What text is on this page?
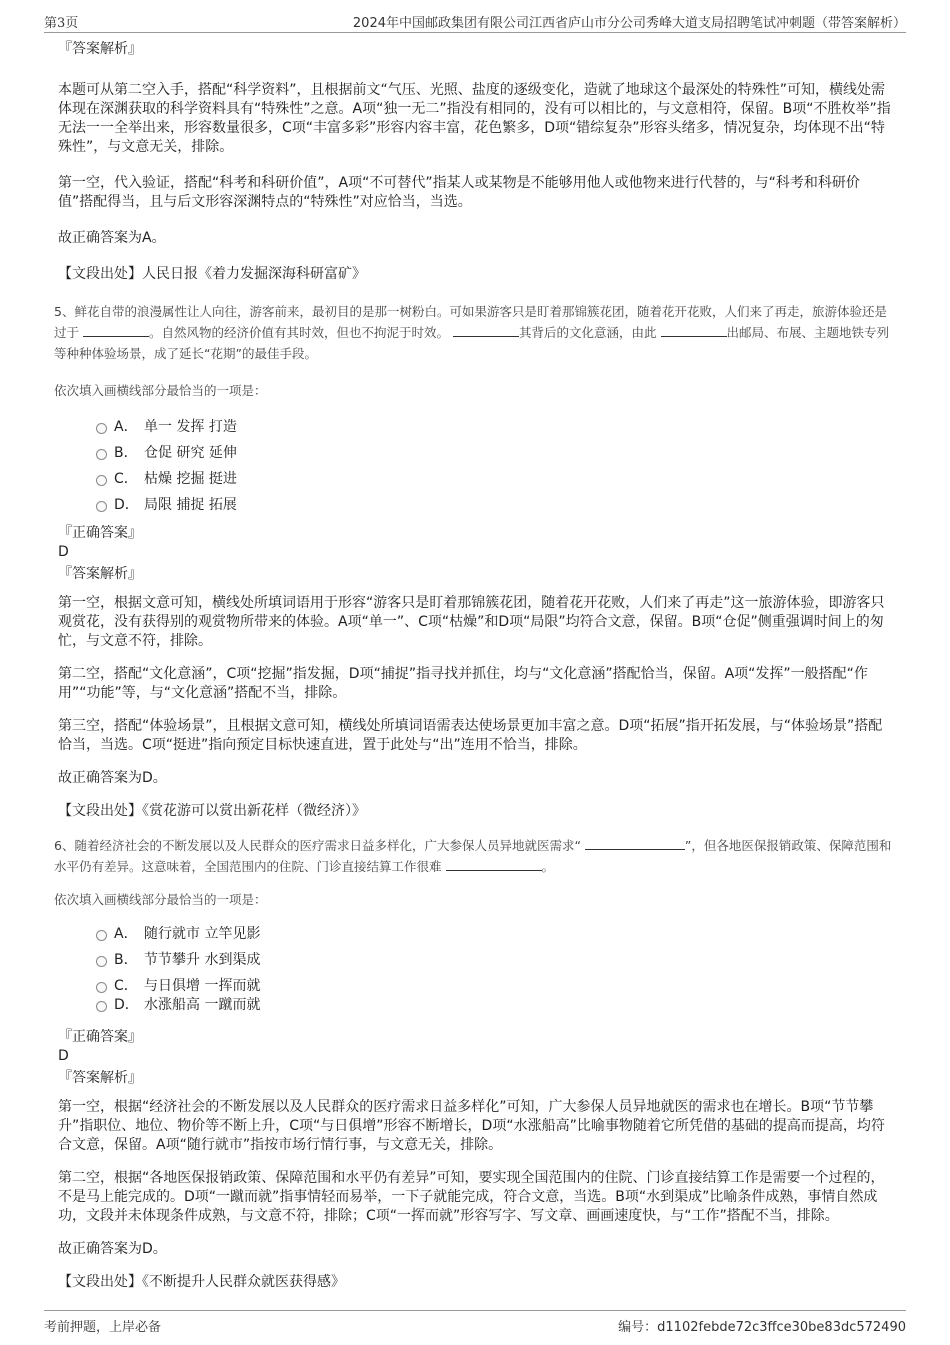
第3页	2024年中国邮政集团有限公司江西省庐山市分公司秀峰大道支局招聘笔试冲刺题（带答案解析）

『答案解析』

本题可从第二空入手，搭配“科学资料”，且根据前文“气压、光照、盐度的逐级变化，造就了地球这个最深处的特殊性”可知，横线处需体现在深渊获取的科学资料具有“特殊性”之意。A项“独一无二”指没有相同的，没有可以相比的，与文意相符，保留。B项“不胜枚举”指无法一一全举出来，形容数量很多，C项“丰富多彩”形容内容丰富，花色繁多，D项“错综复杂”形容头绪多，情况复杂，均体现不出“特殊性”，与文意无关，排除。

第一空，代入验证，搭配“科考和科研价值”，A项“不可替代”指某人或某物是不能够用他人或他物来进行代替的，与“科考和科研价值”搭配得当，且与后文形容深渊特点的“特殊性”对应恰当，当选。

故正确答案为A。

【文段出处】人民日报《着力发掘深海科研富矿》

5、鲜花自带的浪漫属性让人向往，游客前来，最初目的是那一树粉白。可如果游客只是盯着那锦簇花团，随着花开花败，人们来了再走，旅游体验还是过于	。自然风物的经济价值有其时效，但也不拘泥于时效。	其背后的文化意涵，由此	出邮局、布展、主题地铁专列等种种体验场景，成了延长“花期”的最佳手段。

依次填入画横线部分最恰当的一项是：

A． 单一 发挥 打造
B． 仓促 研究 延伸
C． 枯燥 挖掘 挺进
D． 局限 捕捉 拓展

『正确答案』

D

『答案解析』

第一空，根据文意可知，横线处所填词语用于形容“游客只是盯着那锦簇花团，随着花开花败，人们来了再走”这一旅游体验，即游客只观赏花，没有获得别的观赏物所带来的体验。A项“单一”、C项“枯燥”和D项“局限”均符合文意，保留。B项“仓促”侧重强调时间上的匆忙，与文意不符，排除。

第二空，搭配“文化意涵”，C项“挖掘”指发掘，D项“捕捉”指寻找并抓住，均与“文化意涵”搭配恰当，保留。A项“发挥”一般搭配“作用”“功能”等，与“文化意涵”搭配不当，排除。

第三空，搭配“体验场景”，且根据文意可知，横线处所填词语需表达使场景更加丰富之意。D项“拓展”指开拓发展，与“体验场景”搭配恰当，当选。C项“挺进”指向预定目标快速直进，置于此处与“出”连用不恰当，排除。

故正确答案为D。

【文段出处】《赏花游可以赏出新花样（微经济）》

6、随着经济社会的不断发展以及人民群众的医疗需求日益多样化，广大参保人员异地就医需求“	”，但各地医保报销政策、保障范围和水平仍有差异。这意味着，全国范围内的住院、门诊直接结算工作很难	。

依次填入画横线部分最恰当的一项是：

A． 随行就市 立竿见影
B． 节节攀升 水到渠成
C． 与日俱增 一挥而就
D． 水涨船高 一蹴而就

『正确答案』

D

『答案解析』

第一空，根据“经济社会的不断发展以及人民群众的医疗需求日益多样化”可知，广大参保人员异地就医的需求也在增长。B项“节节攀升”指职位、地位、物价等不断上升，C项“与日俱增”形容不断增长，D项“水涨船高”比喻事物随着它所凭借的基础的提高而提高，均符合文意，保留。A项“随行就市”指按市场行情行事，与文意无关，排除。

第二空，根据“各地医保报销政策、保障范围和水平仍有差异”可知，要实现全国范围内的住院、门诊直接结算工作是需要一个过程的，不是马上能完成的。D项“一蹴而就”指事情轻而易举，一下子就能完成，符合文意，当选。B项“水到渠成”比喻条件成熟，事情自然成功，文段并未体现条件成熟，与文意不符，排除；C项“一挥而就”形容写字、写文章、画画速度快，与“工作”搭配不当，排除。

故正确答案为D。

【文段出处】《不断提升人民群众就医获得感》

考前押题，上岸必备	编号：d1102febde72c3ffce30be83dc572490
